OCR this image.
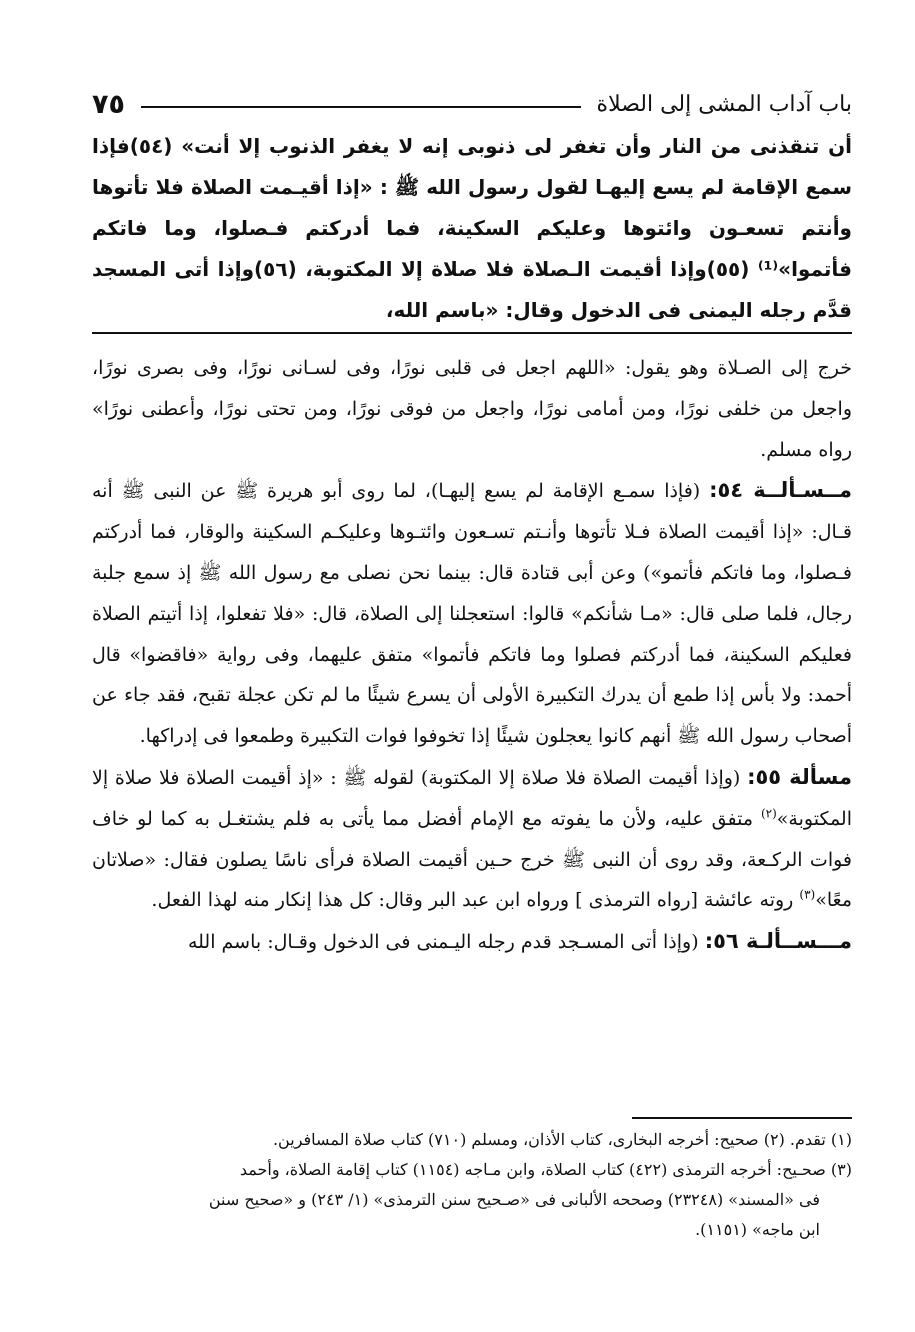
باب آداب المشى إلى الصلاة
٧٥

أن تنقذنى من النار وأن تغفر لى ذنوبى إنه لا يغفر الذنوب إلا أنت» (٥٤)فإذا سمع الإقامة لم يسع إليهـا لقول رسول الله ﷺ : «إذا أقيـمت الصلاة فلا تأتوها وأنتم تسعـون وائتوها وعليكم السكينة، فما أدركتم فـصلوا، وما فاتكم فأتموا»⁽¹⁾ (٥٥)وإذا أقيمت الـصلاة فلا صلاة إلا المكتوبة، (٥٦)وإذا أتى المسجد قدَّم رجله اليمنى فى الدخول وقال: «باسم الله،

خرج إلى الصـلاة وهو يقول: «اللهم اجعل فى قلبى نورًا، وفى لسـانى نورًا، وفى بصرى نورًا، واجعل من خلفى نورًا، ومن أمامى نورًا، واجعل من فوقى نورًا، ومن تحتى نورًا، وأعطنى نورًا» رواه مسلم.

مــسـألــة ٥٤: (فإذا سمـع الإقامة لم يسع إليهـا)، لما روى أبو هريرة ﷺ عن النبى ﷺ أنه قـال: «إذا أقيمت الصلاة فـلا تأتوها وأنـتم تسـعون وائتـوها وعليكـم السكينة والوقار، فما أدركتم فـصلوا، وما فاتكم فأتمو») وعن أبى قتادة قال: بينما نحن نصلى مع رسول الله ﷺ إذ سمع جلبة رجال، فلما صلى قال: «مـا شأنكم» قالوا: استعجلنا إلى الصلاة، قال: «فلا تفعلوا، إذا أتيتم الصلاة فعليكم السكينة، فما أدركتم فصلوا وما فاتكم فأتموا» متفق عليهما، وفى رواية «فاقضوا» قال أحمد: ولا بأس إذا طمع أن يدرك التكبيرة الأولى أن يسرع شيئًا ما لم تكن عجلة تقبح، فقد جاء عن أصحاب رسول الله ﷺ أنهم كانوا يعجلون شيئًا إذا تخوفوا فوات التكبيرة وطمعوا فى إدراكها.

مسألة ٥٥: (وإذا أقيمت الصلاة فلا صلاة إلا المكتوبة) لقوله ﷺ : «إذ أقيمت الصلاة فلا صلاة إلا المكتوبة»$^{(٢)}$ متفق عليه، ولأن ما يفوته مع الإمام أفضل مما يأتى به فلم يشتغـل به كما لو خاف فوات الركـعة، وقد روى أن النبى ﷺ خرج حـين أقيمت الصلاة فرأى ناسًا يصلون فقال: «صلاتان معًا»$^{(٣)}$ روته عائشة [رواه الترمذى ] ورواه ابن عبد البر وقال: كل هذا إنكار منه لهذا الفعل.

مـــســألـة ٥٦: (وإذا أتى المسـجد قدم رجله اليـمنى فى الدخول وقـال: باسم الله

(١) تقدم. (٢) صحيح: أخرجه البخارى، كتاب الأذان، ومسلم (٧١٠) كتاب صلاة المسافرين.

(٣) صحـيح: أخرجه الترمذى (٤٢٢) كتاب الصلاة، وابن مـاجه (١١٥٤) كتاب إقامة الصلاة، وأحمد

فى «المسند» (٢٣٢٤٨) وصححه الألبانى فى «صـحيح سنن الترمذى» (١/ ٢٤٣) و «صحيح سنن

ابن ماجه» (١١٥١).
